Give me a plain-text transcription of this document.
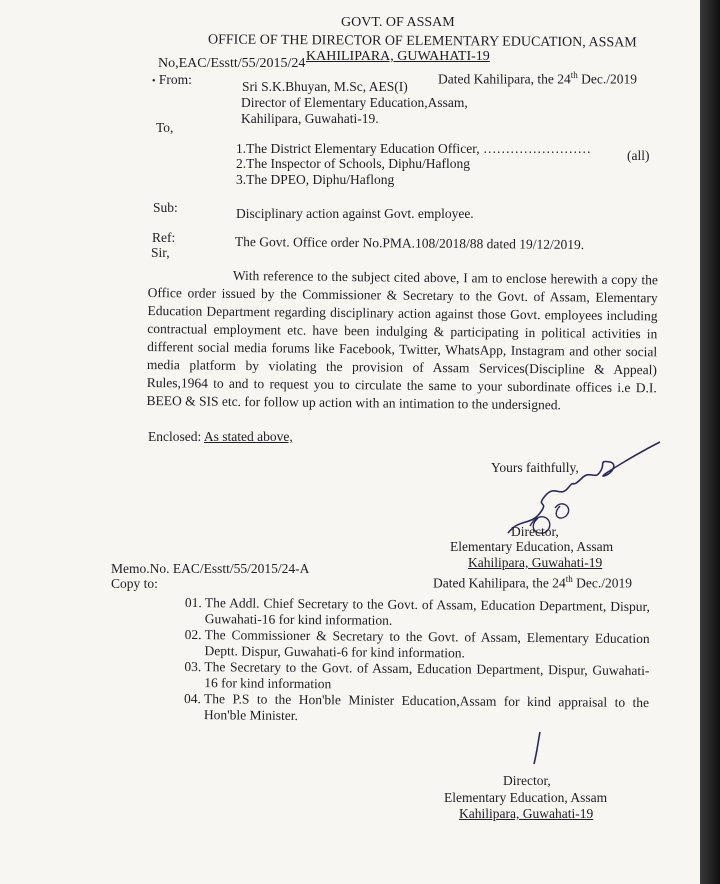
GOVT. OF ASSAM
OFFICE OF THE DIRECTOR OF ELEMENTARY EDUCATION, ASSAM
KAHILIPARA, GUWAHATI-19
No,EAC/Esstt/55/2015/24
Dated Kahilipara, the 24th Dec./2019
• From:	Sri S.K.Bhuyan, M.Sc, AES(I)
Director of Elementary Education,Assam,
Kahilipara, Guwahati-19.
To,
1.The District Elementary Education Officer, ……………………	(all)
2.The Inspector of Schools, Diphu/Haflong
3.The DPEO, Diphu/Haflong
Sub:	Disciplinary action against Govt. employee.
Ref:	The Govt. Office order No.PMA.108/2018/88 dated 19/12/2019.
Sir,

With reference to the subject cited above, I am to enclose herewith a copy the Office order issued by the Commissioner & Secretary to the Govt. of Assam, Elementary Education Department regarding disciplinary action against those Govt. employees including contractual employment etc. have been indulging & participating in political activities in different social media forums like Facebook, Twitter, WhatsApp, Instagram and other social media platform by violating the provision of Assam Services(Discipline & Appeal) Rules,1964 to and to request you to circulate the same to your subordinate offices i.e D.I. BEEO & SIS etc. for follow up action with an intimation to the undersigned.

Enclosed: As stated above,
Yours faithfully,
Director,
Elementary Education, Assam
Kahilipara, Guwahati-19
Memo.No. EAC/Esstt/55/2015/24-A
Dated Kahilipara, the 24th Dec./2019
Copy to:
01. The Addl. Chief Secretary to the Govt. of Assam, Education Department, Dispur, Guwahati-16 for kind information.
02. The Commissioner & Secretary to the Govt. of Assam, Elementary Education Deptt. Dispur, Guwahati-6 for kind information.
03. The Secretary to the Govt. of Assam, Education Department, Dispur, Guwahati-16 for kind information
04. The P.S to the Hon'ble Minister Education,Assam for kind appraisal to the Hon'ble Minister.
Director,
Elementary Education, Assam
Kahilipara, Guwahati-19
